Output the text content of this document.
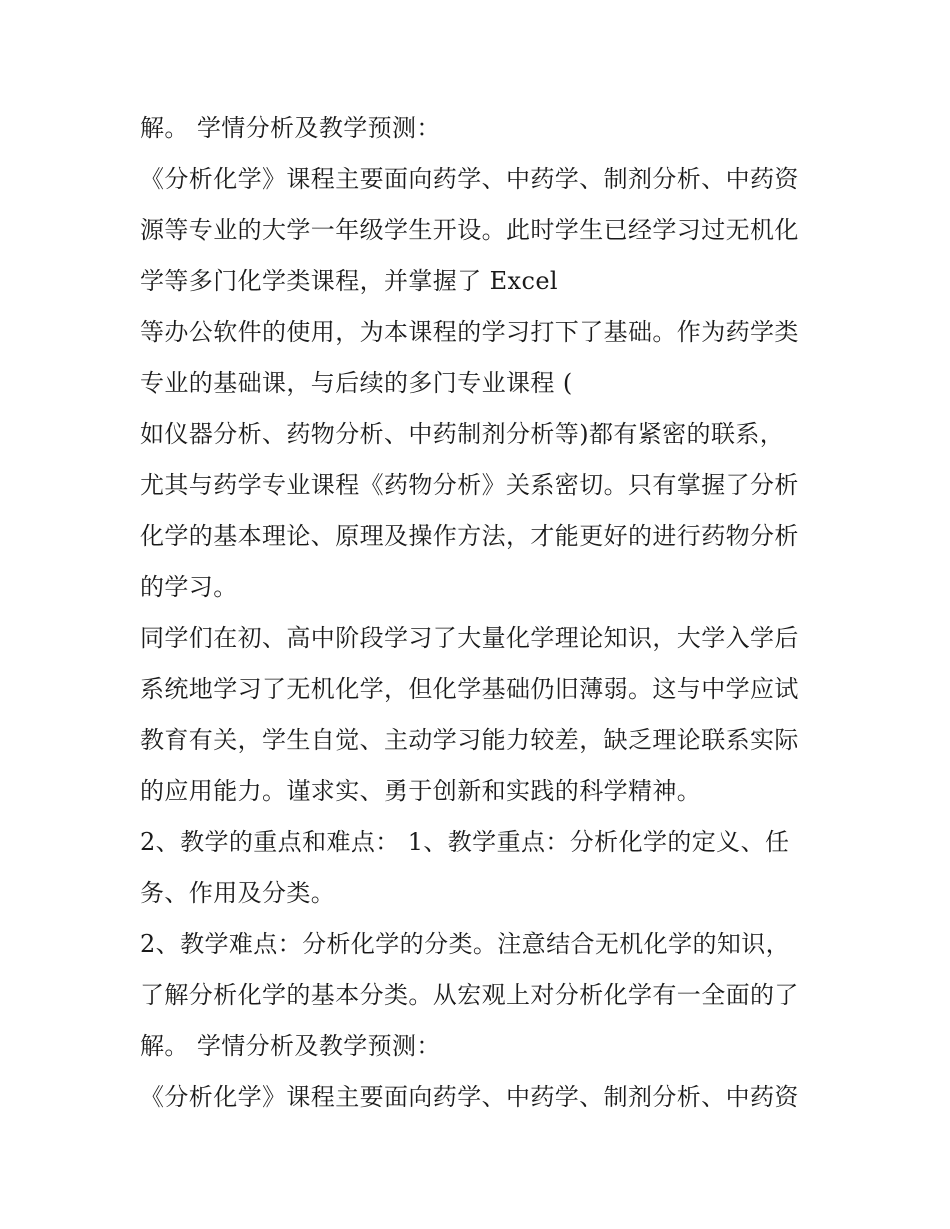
解。 学情分析及教学预测：
《分析化学》课程主要面向药学、中药学、制剂分析、中药资
源等专业的大学一年级学生开设。此时学生已经学习过无机化
学等多门化学类课程，并掌握了 Excel
等办公软件的使用，为本课程的学习打下了基础。作为药学类
专业的基础课，与后续的多门专业课程 (
如仪器分析、药物分析、中药制剂分析等)都有紧密的联系，
尤其与药学专业课程《药物分析》关系密切。只有掌握了分析
化学的基本理论、原理及操作方法，才能更好的进行药物分析
的学习。
同学们在初、高中阶段学习了大量化学理论知识，大学入学后
系统地学习了无机化学，但化学基础仍旧薄弱。这与中学应试
教育有关，学生自觉、主动学习能力较差，缺乏理论联系实际
的应用能力。谨求实、勇于创新和实践的科学精神。
2、教学的重点和难点： 1、教学重点：分析化学的定义、任
务、作用及分类。
2、教学难点：分析化学的分类。注意结合无机化学的知识，
了解分析化学的基本分类。从宏观上对分析化学有一全面的了
解。 学情分析及教学预测：
《分析化学》课程主要面向药学、中药学、制剂分析、中药资
